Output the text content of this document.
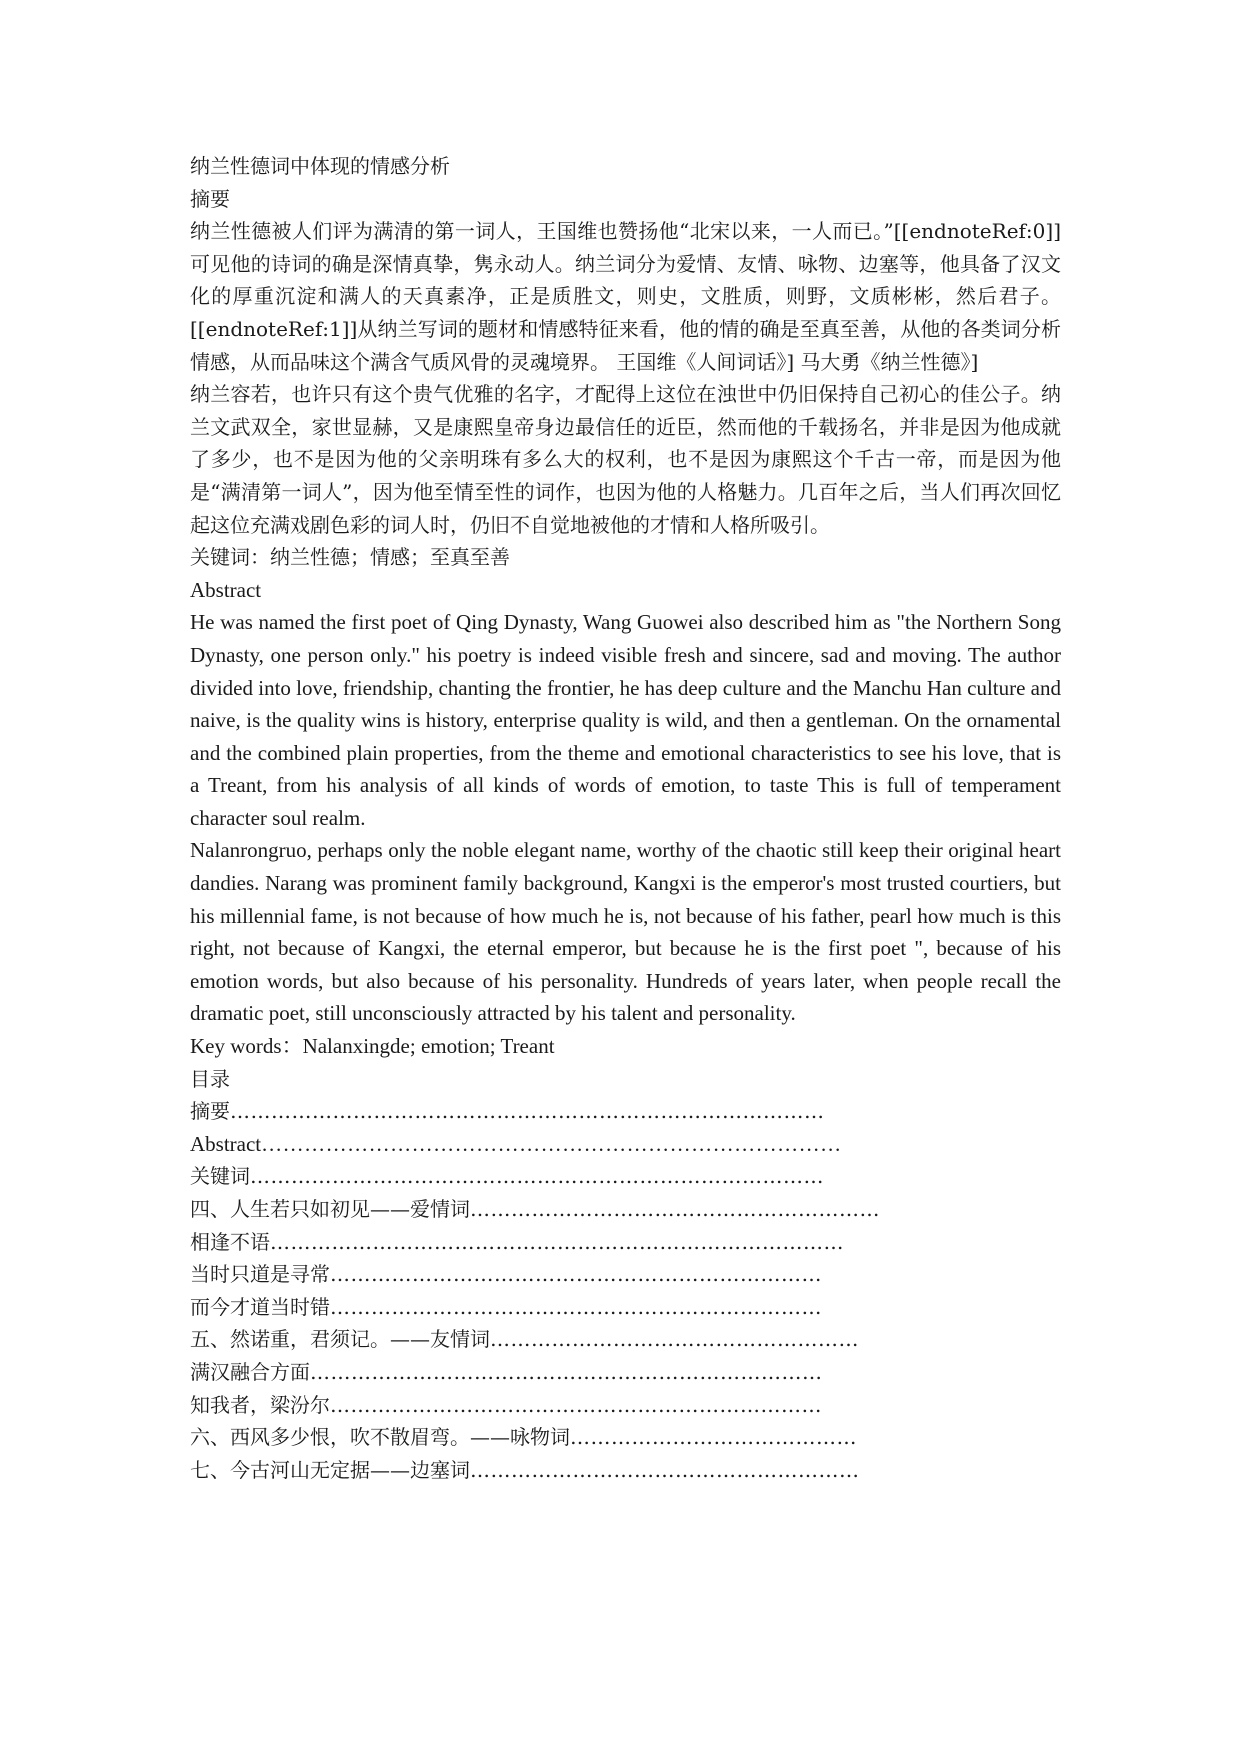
纳兰性德词中体现的情感分析
摘要
纳兰性德被人们评为满清的第一词人，王国维也赞扬他“北宋以来，一人而已。”[[endnoteRef:0]]可见他的诗词的确是深情真挚，隽永动人。纳兰词分为爱情、友情、咏物、边塞等，他具备了汉文化的厚重沉淀和满人的天真素净，正是质胜文，则史，文胜质，则野，文质彬彬，然后君子。[[endnoteRef:1]]从纳兰写词的题材和情感特征来看，他的情的确是至真至善，从他的各类词分析情感，从而品味这个满含气质风骨的灵魂境界。 王国维《人间词话》] 马大勇《纳兰性德》]
纳兰容若，也许只有这个贵气优雅的名字，才配得上这位在浊世中仍旧保持自己初心的佳公子。纳兰文武双全，家世显赫，又是康熙皇帝身边最信任的近臣，然而他的千载扬名，并非是因为他成就了多少，也不是因为他的父亲明珠有多么大的权利，也不是因为康熙这个千古一帝，而是因为他是“满清第一词人”，因为他至情至性的词作，也因为他的人格魅力。几百年之后，当人们再次回忆起这位充满戏剧色彩的词人时，仍旧不自觉地被他的才情和人格所吸引。
关键词：纳兰性德；情感；至真至善
Abstract
He was named the first poet of Qing Dynasty, Wang Guowei also described him as "the Northern Song Dynasty, one person only." his poetry is indeed visible fresh and sincere, sad and moving. The author divided into love, friendship, chanting the frontier, he has deep culture and the Manchu Han culture and naive, is the quality wins is history, enterprise quality is wild, and then a gentleman. On the ornamental and the combined plain properties, from the theme and emotional characteristics to see his love, that is a Treant, from his analysis of all kinds of words of emotion, to taste This is full of temperament character soul realm.
Nalanrongruo, perhaps only the noble elegant name, worthy of the chaotic still keep their original heart dandies. Narang was prominent family background, Kangxi is the emperor's most trusted courtiers, but his millennial fame, is not because of how much he is, not because of his father, pearl how much is this right, not because of Kangxi, the eternal emperor, but because he is the first poet ", because of his emotion words, but also because of his personality. Hundreds of years later, when people recall the dramatic poet, still unconsciously attracted by his talent and personality.
Key words：Nalanxingde; emotion; Treant
目录
摘要……………………………………………………………………………
Abstract………………………………………………………………………
关键词…………………………………………………………………………
四、人生若只如初见——爱情词……………………………………………………
相逢不语…………………………………………………………………………
当时只道是寻常………………………………………………………………
而今才道当时错………………………………………………………………
五、然诺重，君须记。——友情词………………………………………………
满汉融合方面…………………………………………………………………
知我者，梁汾尔………………………………………………………………
六、西风多少恨，吹不散眉弯。——咏物词……………………………………
七、今古河山无定据——边塞词…………………………………………………
